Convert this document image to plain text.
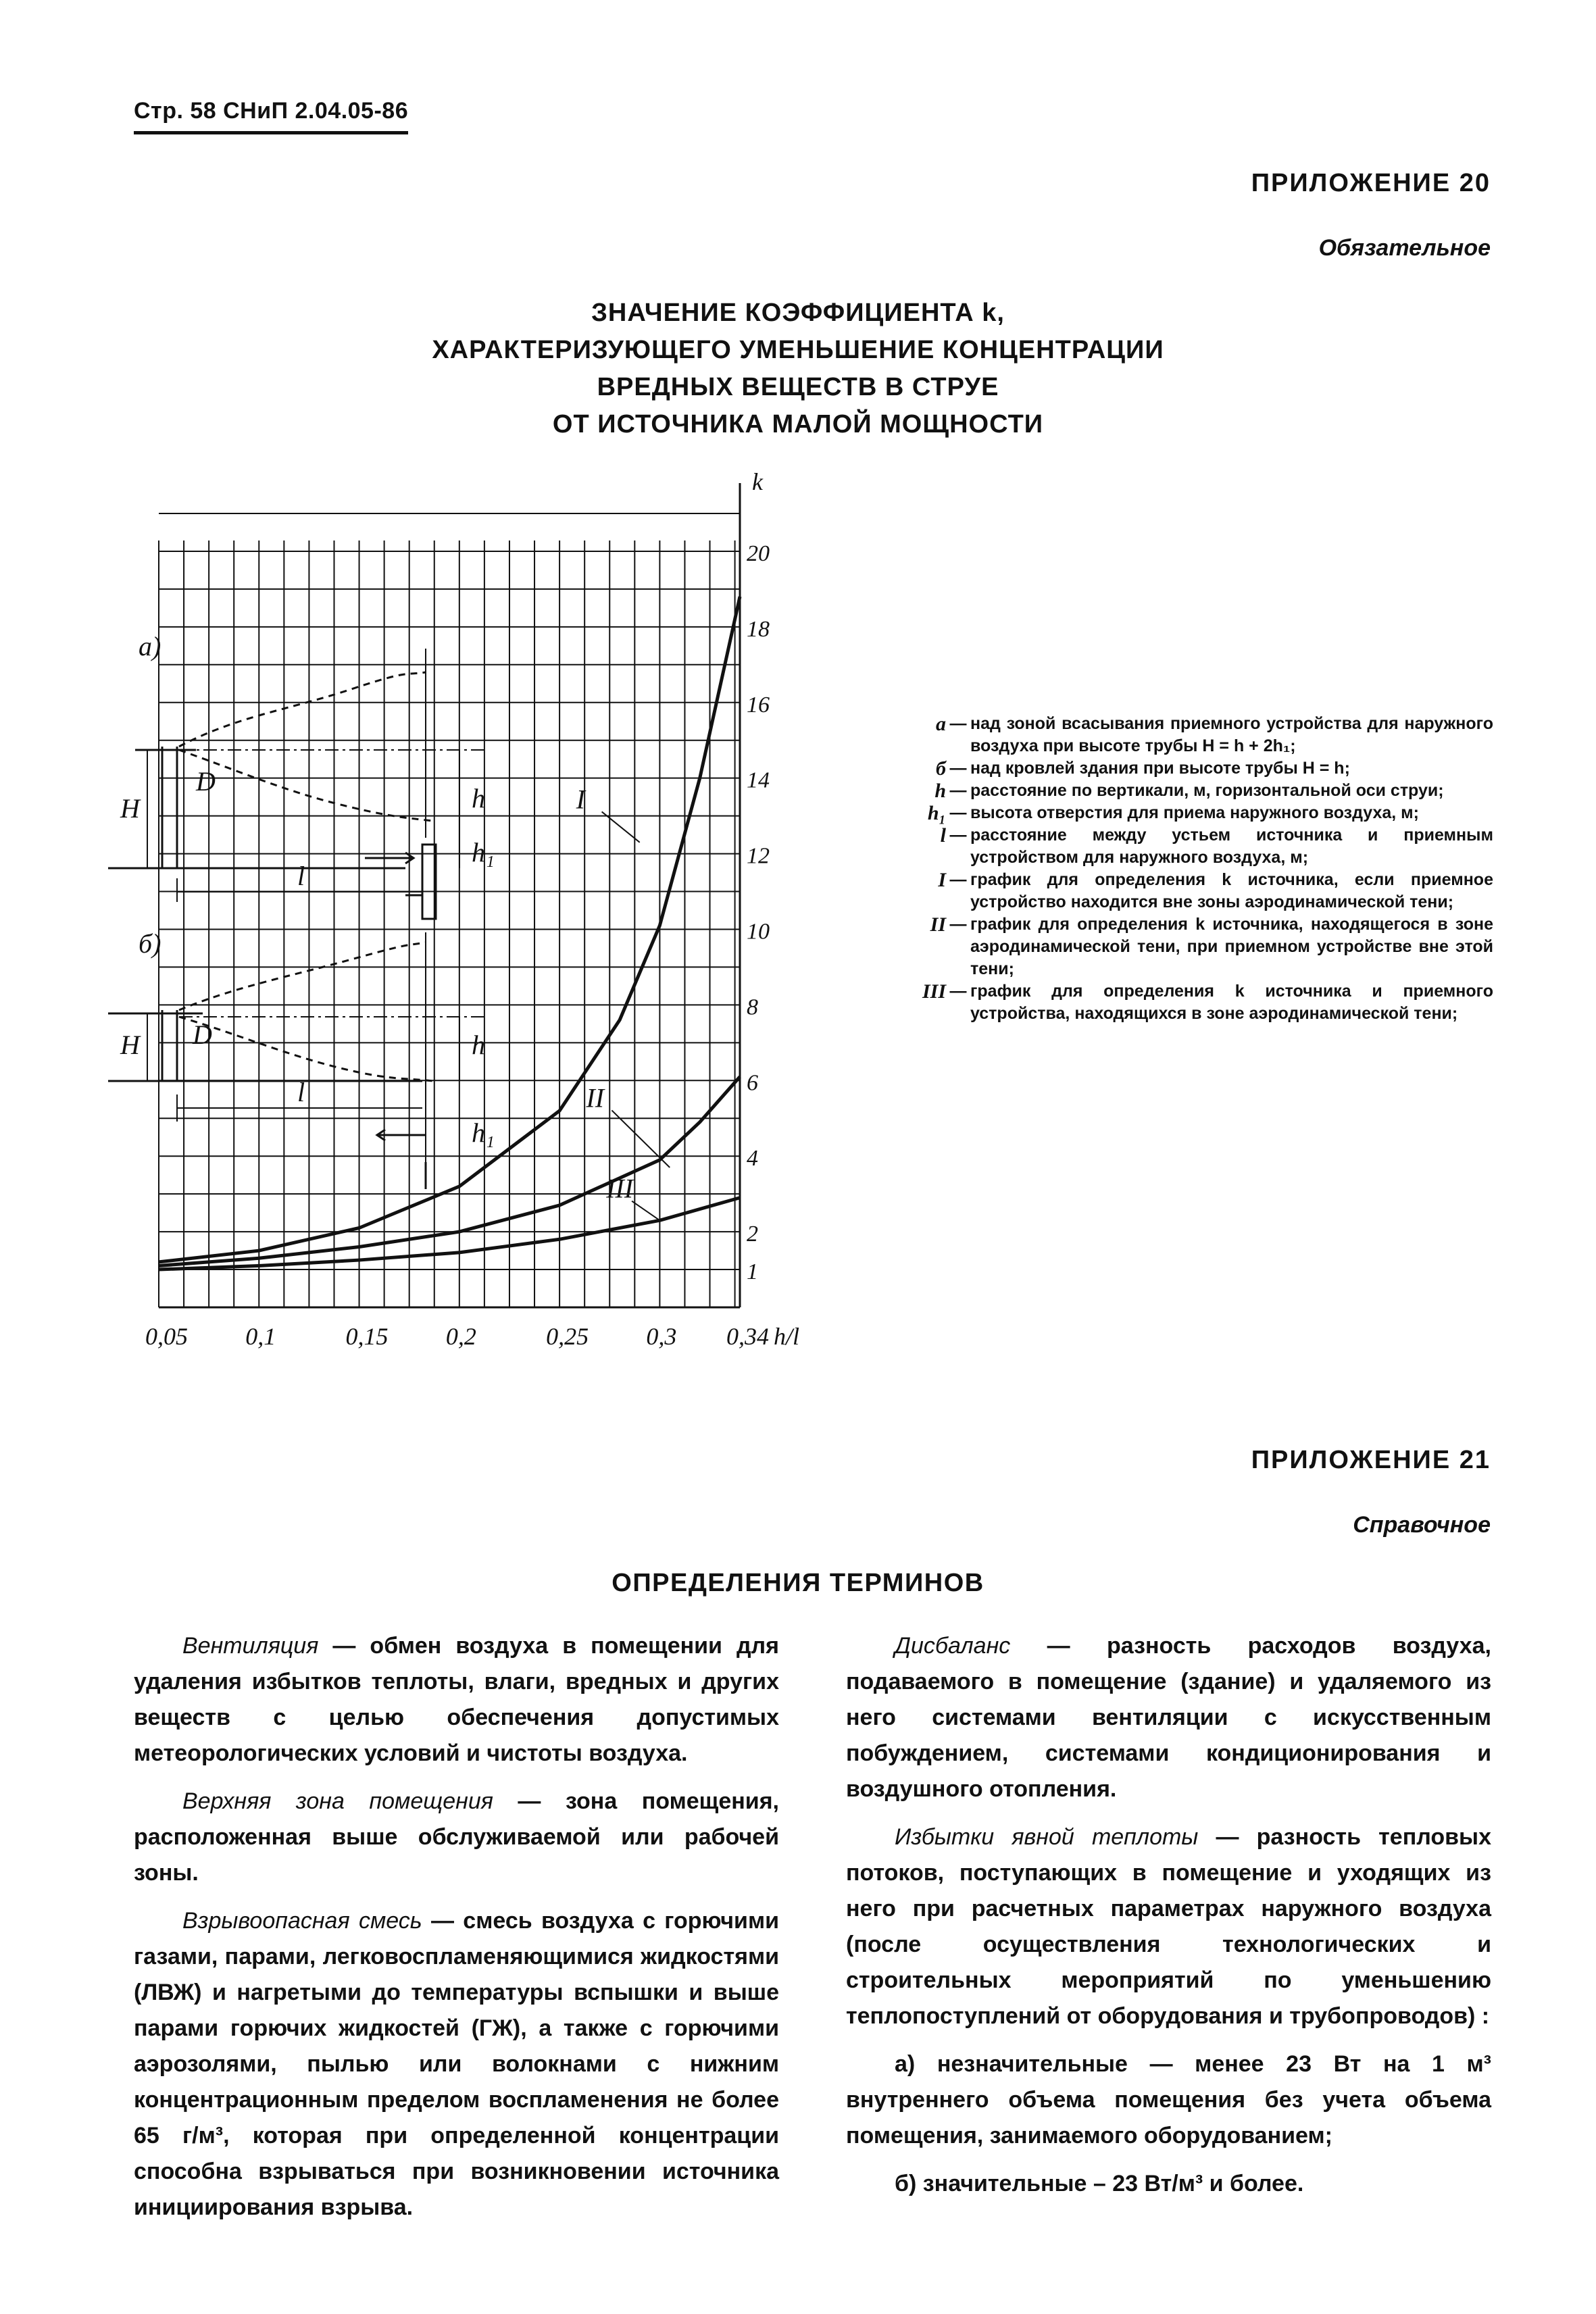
Стр. 58 СНиП 2.04.05-86
ПРИЛОЖЕНИЕ 20
Обязательное
ЗНАЧЕНИЕ КОЭФФИЦИЕНТА k,
ХАРАКТЕРИЗУЮЩЕГО УМЕНЬШЕНИЕ КОНЦЕНТРАЦИИ
ВРЕДНЫХ ВЕЩЕСТВ В СТРУЕ
ОТ ИСТОЧНИКА МАЛОЙ МОЩНОСТИ
а)
б)
H
D
h
h₁
l
H D	h
l
h₁
0,05 0,1	0,15 0,2	0,25 0,3 0,34
1
2
4
6
8
10
12
14
16
18
20
h/l
k
I
II
III
а — над зоной всасывания приемного устройства для наружного воздуха при высоте трубы H = h + 2h₁;
б — над кровлей здания при высоте трубы H = h;
h — расстояние по вертикали, м, горизонтальной оси струи;
h₁ — высота отверстия для приема наружного воздуха, м;
l — расстояние между устьем источника и приемным устройством для наружного воздуха, м;
I — график для определения k источника, если приемное устройство находится вне зоны аэродинамической тени;
II — график для определения k источника, находящегося в зоне аэродинамической тени, при приемном устройстве вне этой тени;
III — график для определения k источника и приемного устройства, находящихся в зоне аэродинамической тени;
ПРИЛОЖЕНИЕ 21
Справочное
ОПРЕДЕЛЕНИЯ ТЕРМИНОВ

Вентиляция — обмен воздуха в помещении для удаления избытков теплоты, влаги, вредных и других веществ с целью обеспечения допустимых метеорологических условий и чистоты воздуха.

Верхняя зона помещения — зона помещения, расположенная выше обслуживаемой или рабочей зоны.

Взрывоопасная смесь — смесь воздуха с горючими газами, парами, легковоспламеняющимися жидкостями (ЛВЖ) и нагретыми до температуры вспышки и выше парами горючих жидкостей (ГЖ), а также с горючими аэрозолями, пылью или волокнами с нижним концентрационным пределом воспламенения не более 65 г/м³, которая при определенной концентрации способна взрываться при возникновении источника инициирования взрыва.

Дисбаланс — разность расходов воздуха, подаваемого в помещение (здание) и удаляемого из него системами вентиляции с искусственным побуждением, системами кондиционирования и воздушного отопления.

Избытки явной теплоты — разность тепловых потоков, поступающих в помещение и уходящих из него при расчетных параметрах наружного воздуха (после осуществления технологических и строительных мероприятий по уменьшению теплопоступлений от оборудования и трубопроводов) :

а) незначительные — менее 23 Вт на 1 м³ внутреннего объема помещения без учета объема помещения, занимаемого оборудованием;

б) значительные – 23 Вт/м³ и более.
